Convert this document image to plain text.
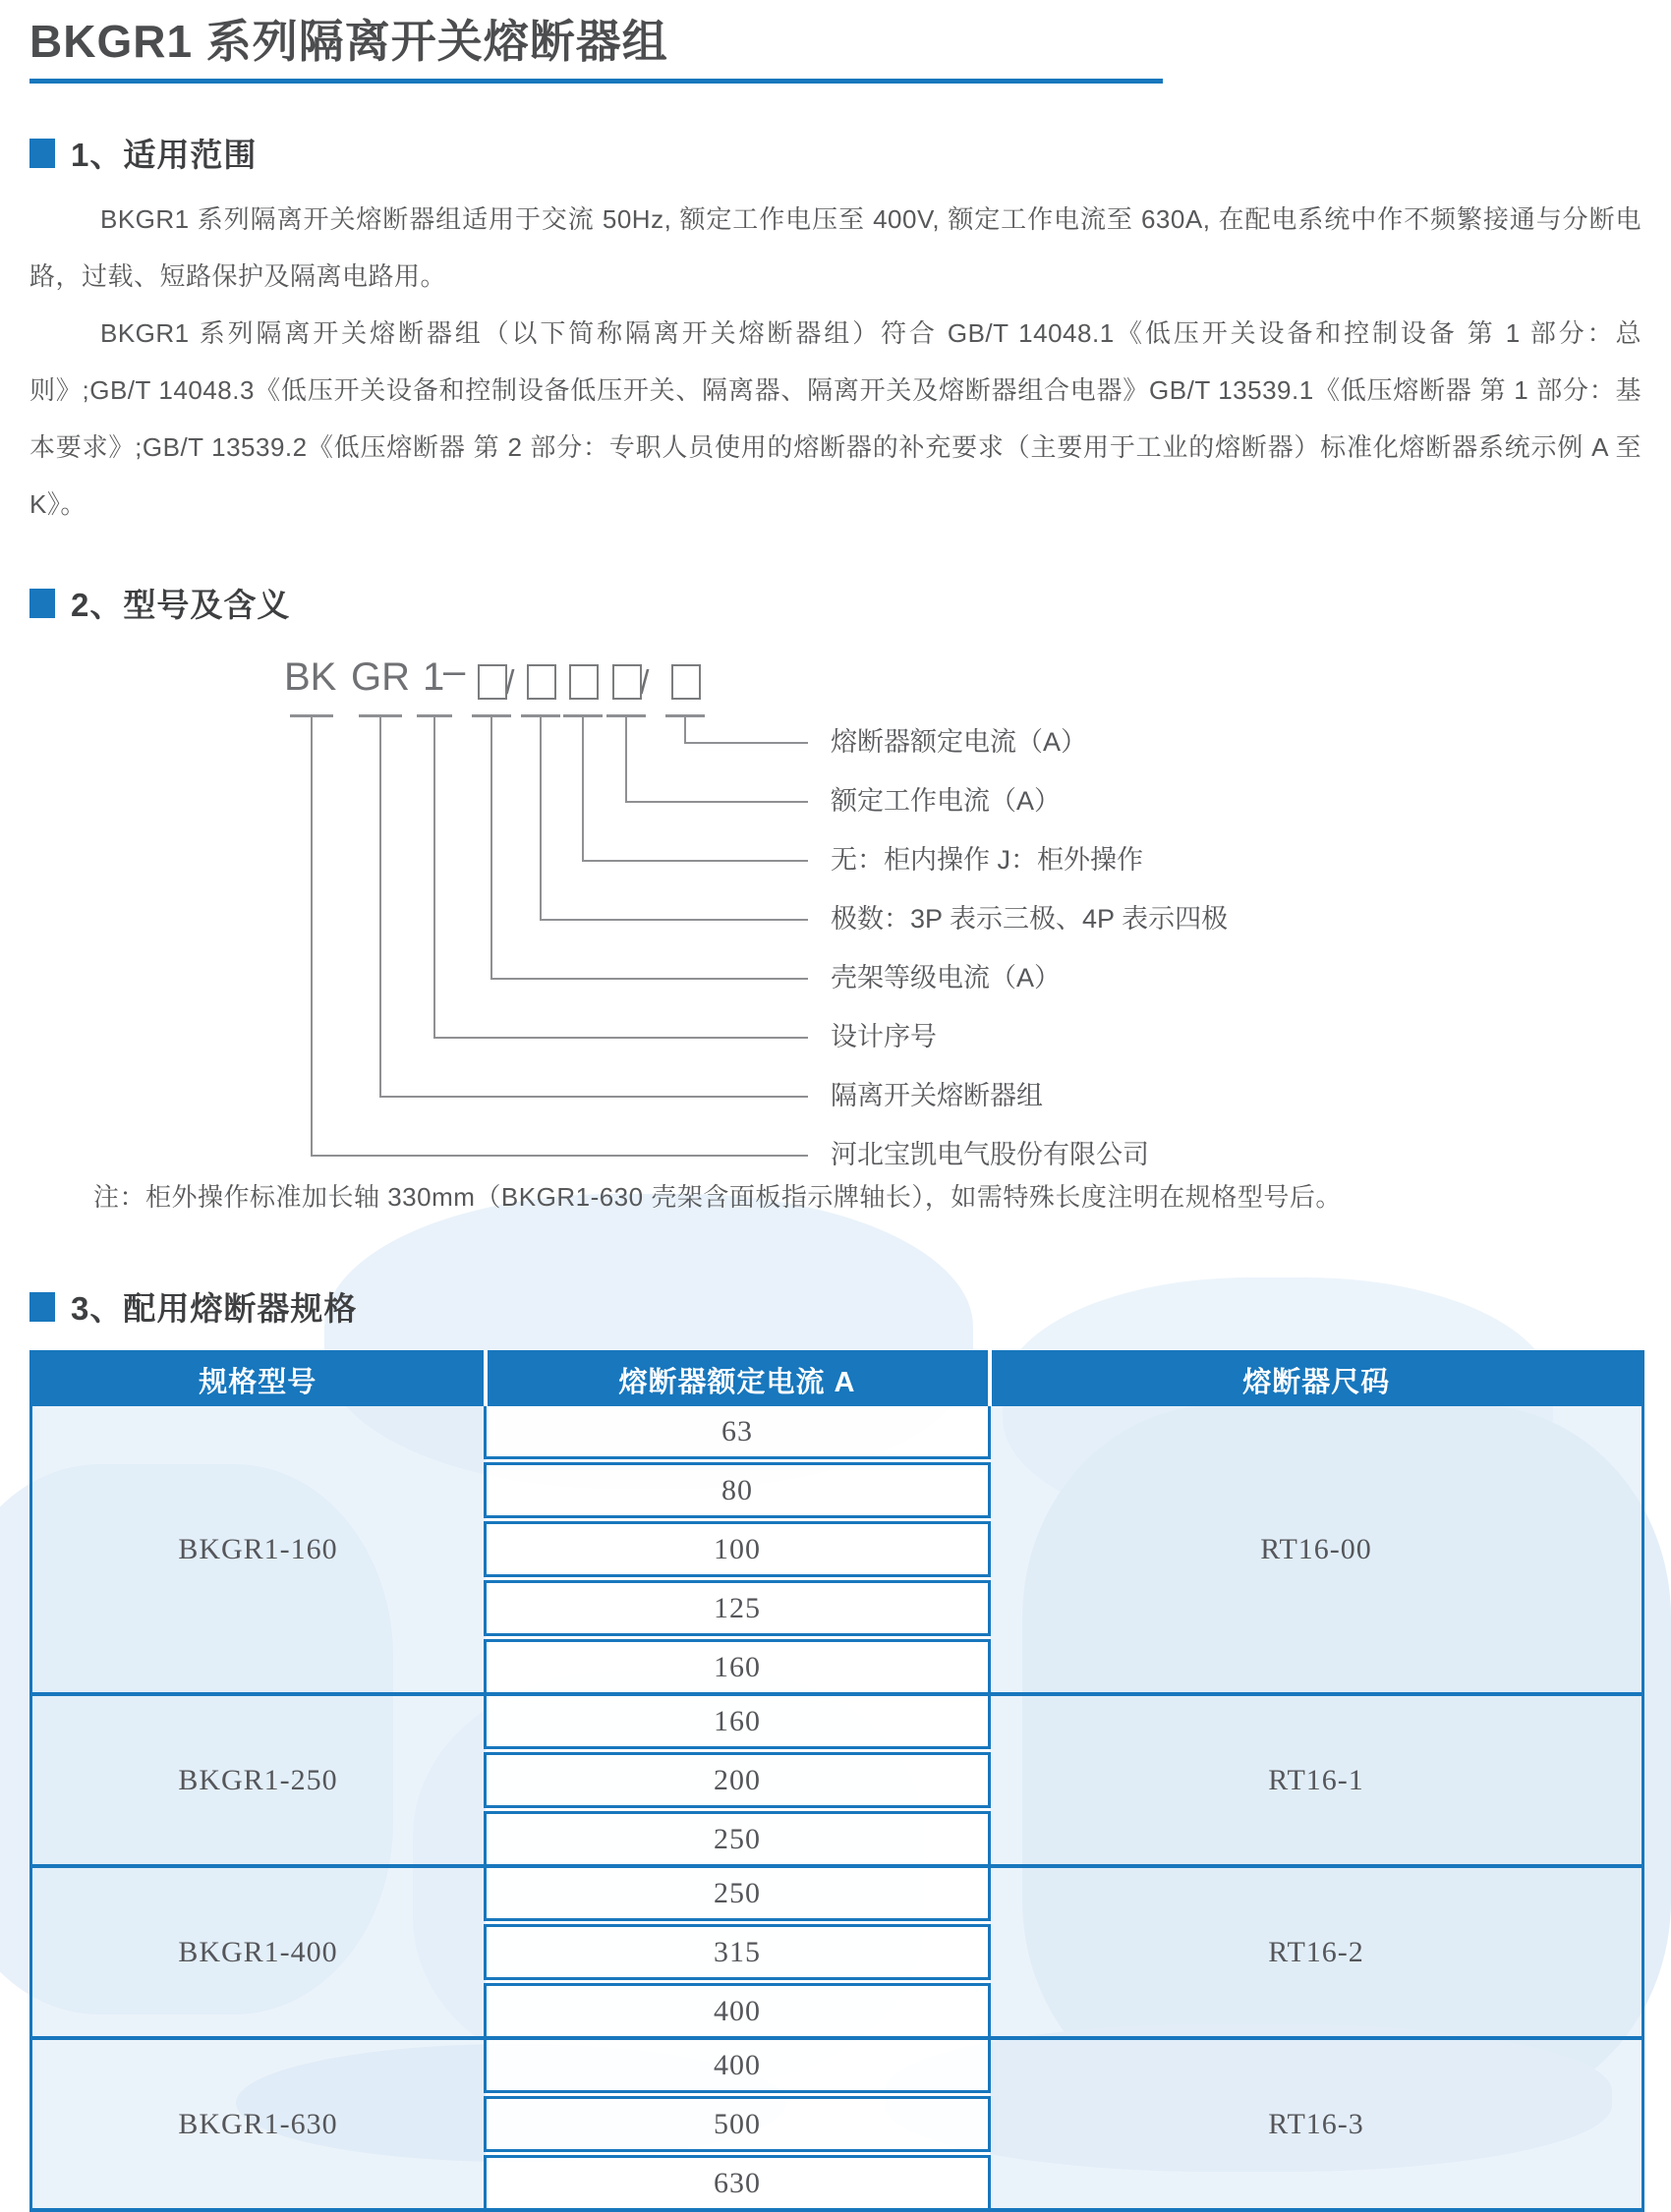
BKGR1 系列隔离开关熔断器组
1、适用范围
BKGR1 系列隔离开关熔断器组适用于交流 50Hz, 额定工作电压至 400V, 额定工作电流至 630A, 在配电系统中作不频繁接通与分断电路，过载、短路保护及隔离电路用。
BKGR1 系列隔离开关熔断器组（以下简称隔离开关熔断器组）符合 GB/T 14048.1《低压开关设备和控制设备 第 1 部分：总则》;GB/T 14048.3《低压开关设备和控制设备低压开关、隔离器、隔离开关及熔断器组合电器》GB/T 13539.1《低压熔断器 第 1 部分：基本要求》;GB/T 13539.2《低压熔断器 第 2 部分：专职人员使用的熔断器的补充要求（主要用于工业的熔断器）标准化熔断器系统示例 A 至 K》。
2、型号及含义
BK GR 1
– /	/
熔断器额定电流（A）
额定工作电流（A）
无：柜内操作 J：柜外操作
极数：3P 表示三极、4P 表示四极
壳架等级电流（A）
设计序号
隔离开关熔断器组
河北宝凯电气股份有限公司
注：柜外操作标准加长轴 330mm（BKGR1-630 壳架含面板指示牌轴长），如需特殊长度注明在规格型号后。
3、配用熔断器规格
规格型号	熔断器额定电流 A	熔断器尺码
BKGR1-160	63	RT16-00
	80	
	100	
	125	
	160	
BKGR1-250	160	RT16-1
	200	
	250	
BKGR1-400	250	RT16-2
	315	
	400	
BKGR1-630	400	RT16-3
	500	
	630	
